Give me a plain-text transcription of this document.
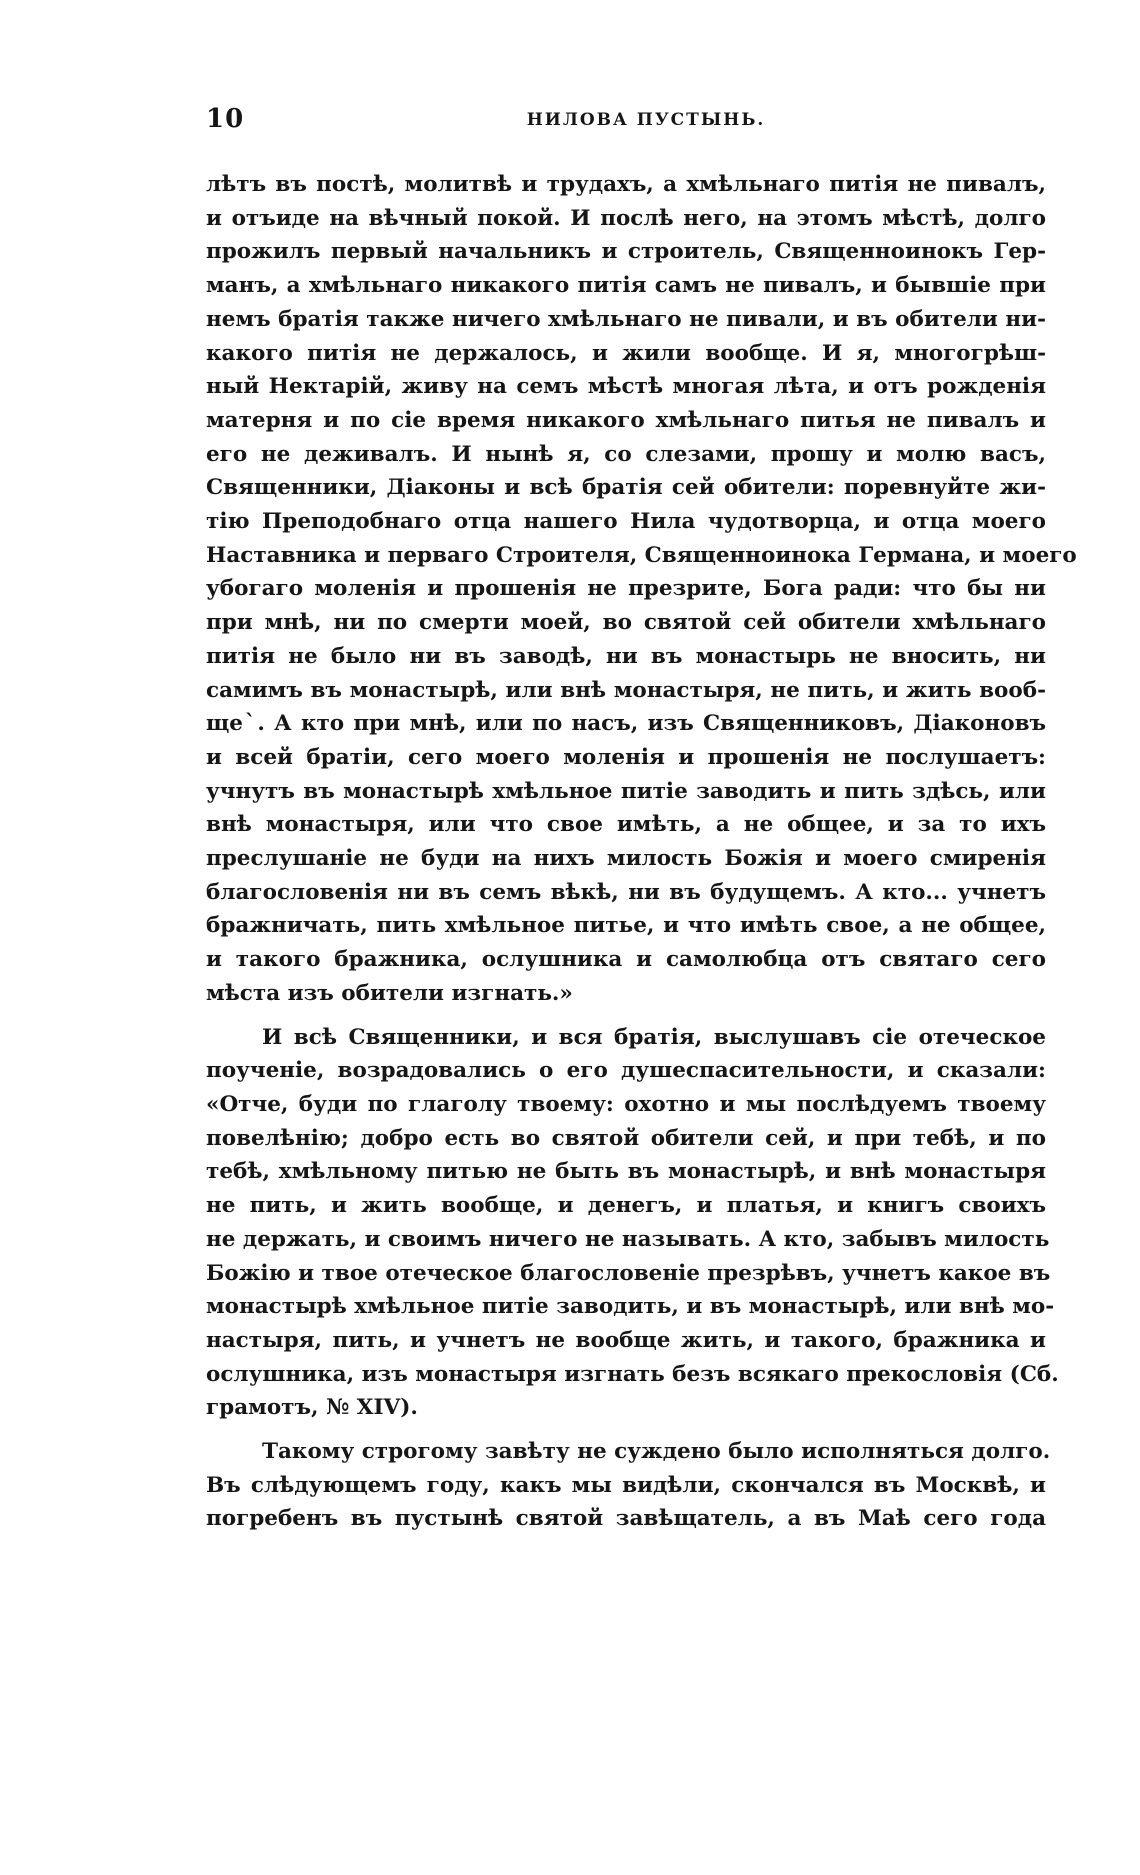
10	НИЛОВА ПУСТЫНЬ.
лѣтъ въ постѣ, молитвѣ и трудахъ, а хмѣльнаго питія не пивалъ,
и отъиде на вѣчный покой. И послѣ него, на этомъ мѣстѣ, долго
прожилъ первый начальникъ и строитель, Священноинокъ Гер-
манъ, а хмѣльнаго никакого питія самъ не пивалъ, и бывшіе при
немъ братія также ничего хмѣльнаго не пивали, и въ обители ни-
какого питія не держалось, и жили вообще. И я, многогрѣш-
ный Нектарій, живу на семъ мѣстѣ многая лѣта, и отъ рожденія
матерня и по сіе время никакого хмѣльнаго питья не пивалъ и
его не деживалъ. И нынѣ я, со слезами, прошу и молю васъ,
Священники, Діаконы и всѣ братія сей обители: поревнуйте жи-
тію Преподобнаго отца нашего Нила чудотворца, и отца моего
Наставника и перваго Строителя, Священноинока Германа, и моего
убогаго моленія и прошенія не презрите, Бога ради: что бы ни
при мнѣ, ни по смерти моей, во святой сей обители хмѣльнаго
питія не было ни въ заводѣ, ни въ монастырь не вносить, ни
самимъ въ монастырѣ, или внѣ монастыря, не пить, и жить вооб-
щеˋ. А кто при мнѣ, или по насъ, изъ Священниковъ, Діаконовъ
и всей братіи, сего моего моленія и прошенія не послушаетъ:
учнутъ въ монастырѣ хмѣльное питіе заводить и пить здѣсь, или
внѣ монастыря, или что свое имѣть, а не общее, и за то ихъ
преслушаніе не буди на нихъ милость Божія и моего смиренія
благословенія ни въ семъ вѣкѣ, ни въ будущемъ. А кто... учнетъ
бражничать, пить хмѣльное питье, и что имѣть свое, а не общее,
и такого бражника, ослушника и самолюбца отъ святаго сего
мѣста изъ обители изгнать.»
И всѣ Священники, и вся братія, выслушавъ сіе отеческое
поученіе, возрадовались о его душеспасительности, и сказали:
«Отче, буди по глаголу твоему: охотно и мы послѣдуемъ твоему
повелѣнію; добро есть во святой обители сей, и при тебѣ, и по
тебѣ, хмѣльному питью не быть въ монастырѣ, и внѣ монастыря
не пить, и жить вообще, и денегъ, и платья, и книгъ своихъ
не держать, и своимъ ничего не называть. А кто, забывъ милость
Божію и твое отеческое благословеніе презрѣвъ, учнетъ какое въ
монастырѣ хмѣльное питіе заводить, и въ монастырѣ, или внѣ мо-
настыря, пить, и учнетъ не вообще жить, и такого, бражника и
ослушника, изъ монастыря изгнать безъ всякаго прекословія (Сб.
грамотъ, № XIV).
Такому строгому завѣту не суждено было исполняться долго.
Въ слѣдующемъ году, какъ мы видѣли, скончался въ Москвѣ, и
погребенъ въ пустынѣ святой завѣщатель, а въ Маѣ сего года
